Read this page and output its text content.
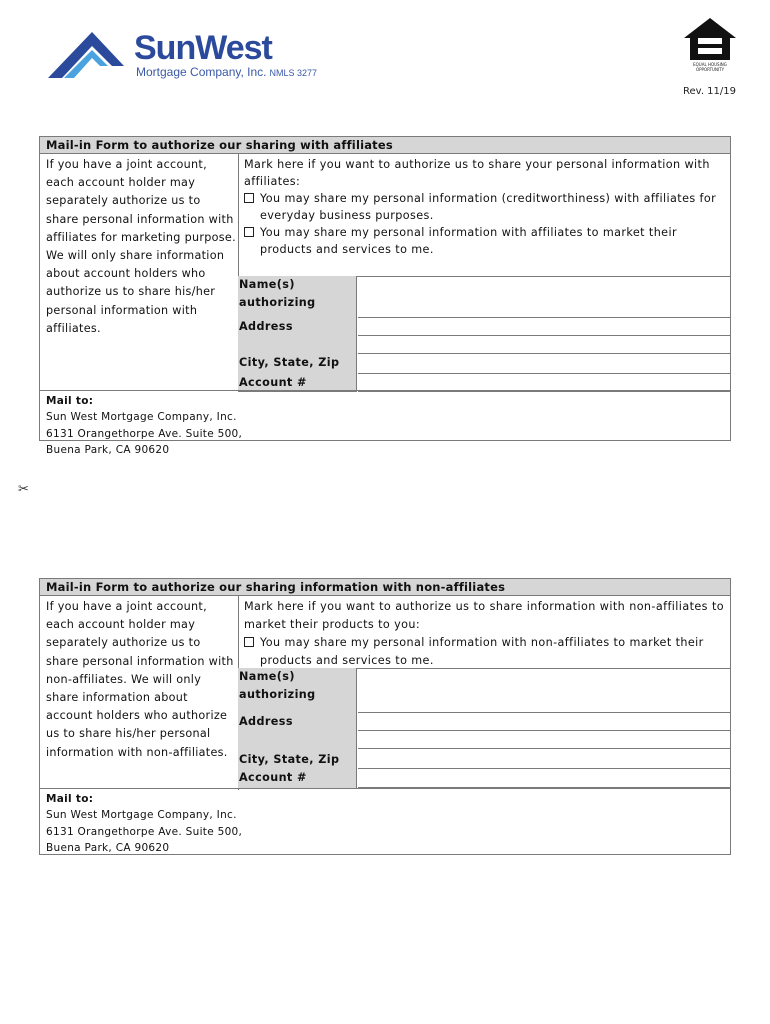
SunWest
Mortgage Company, Inc. NMLS 3277
EQUAL HOUSING OPPORTUNITY
Rev. 11/19
Mail-in Form to authorize our sharing with affiliates
If you have a joint account, each account holder may separately authorize us to share personal information with affiliates for marketing purpose. We will only share information about account holders who authorize us to share his/her personal information with affiliates.
Mark here if you want to authorize us to share your personal information with affiliates:
You may share my personal information (creditworthiness) with affiliates for everyday business purposes.
You may share my personal information with affiliates to market their products and services to me.
Name(s) authorizing
Address
City, State, Zip
Account #
Mail to:
Sun West Mortgage Company, Inc.
6131 Orangethorpe Ave. Suite 500,
Buena Park, CA 90620
✂
Mail-in Form to authorize our sharing information with non-affiliates
If you have a joint account, each account holder may separately authorize us to share personal information with non-affiliates. We will only share information about account holders who authorize us to share his/her personal information with non-affiliates.
Mark here if you want to authorize us to share information with non-affiliates to market their products to you:
You may share my personal information with non-affiliates to market their products and services to me.
Name(s) authorizing
Address
City, State, Zip
Account #
Mail to:
Sun West Mortgage Company, Inc.
6131 Orangethorpe Ave. Suite 500,
Buena Park, CA 90620
